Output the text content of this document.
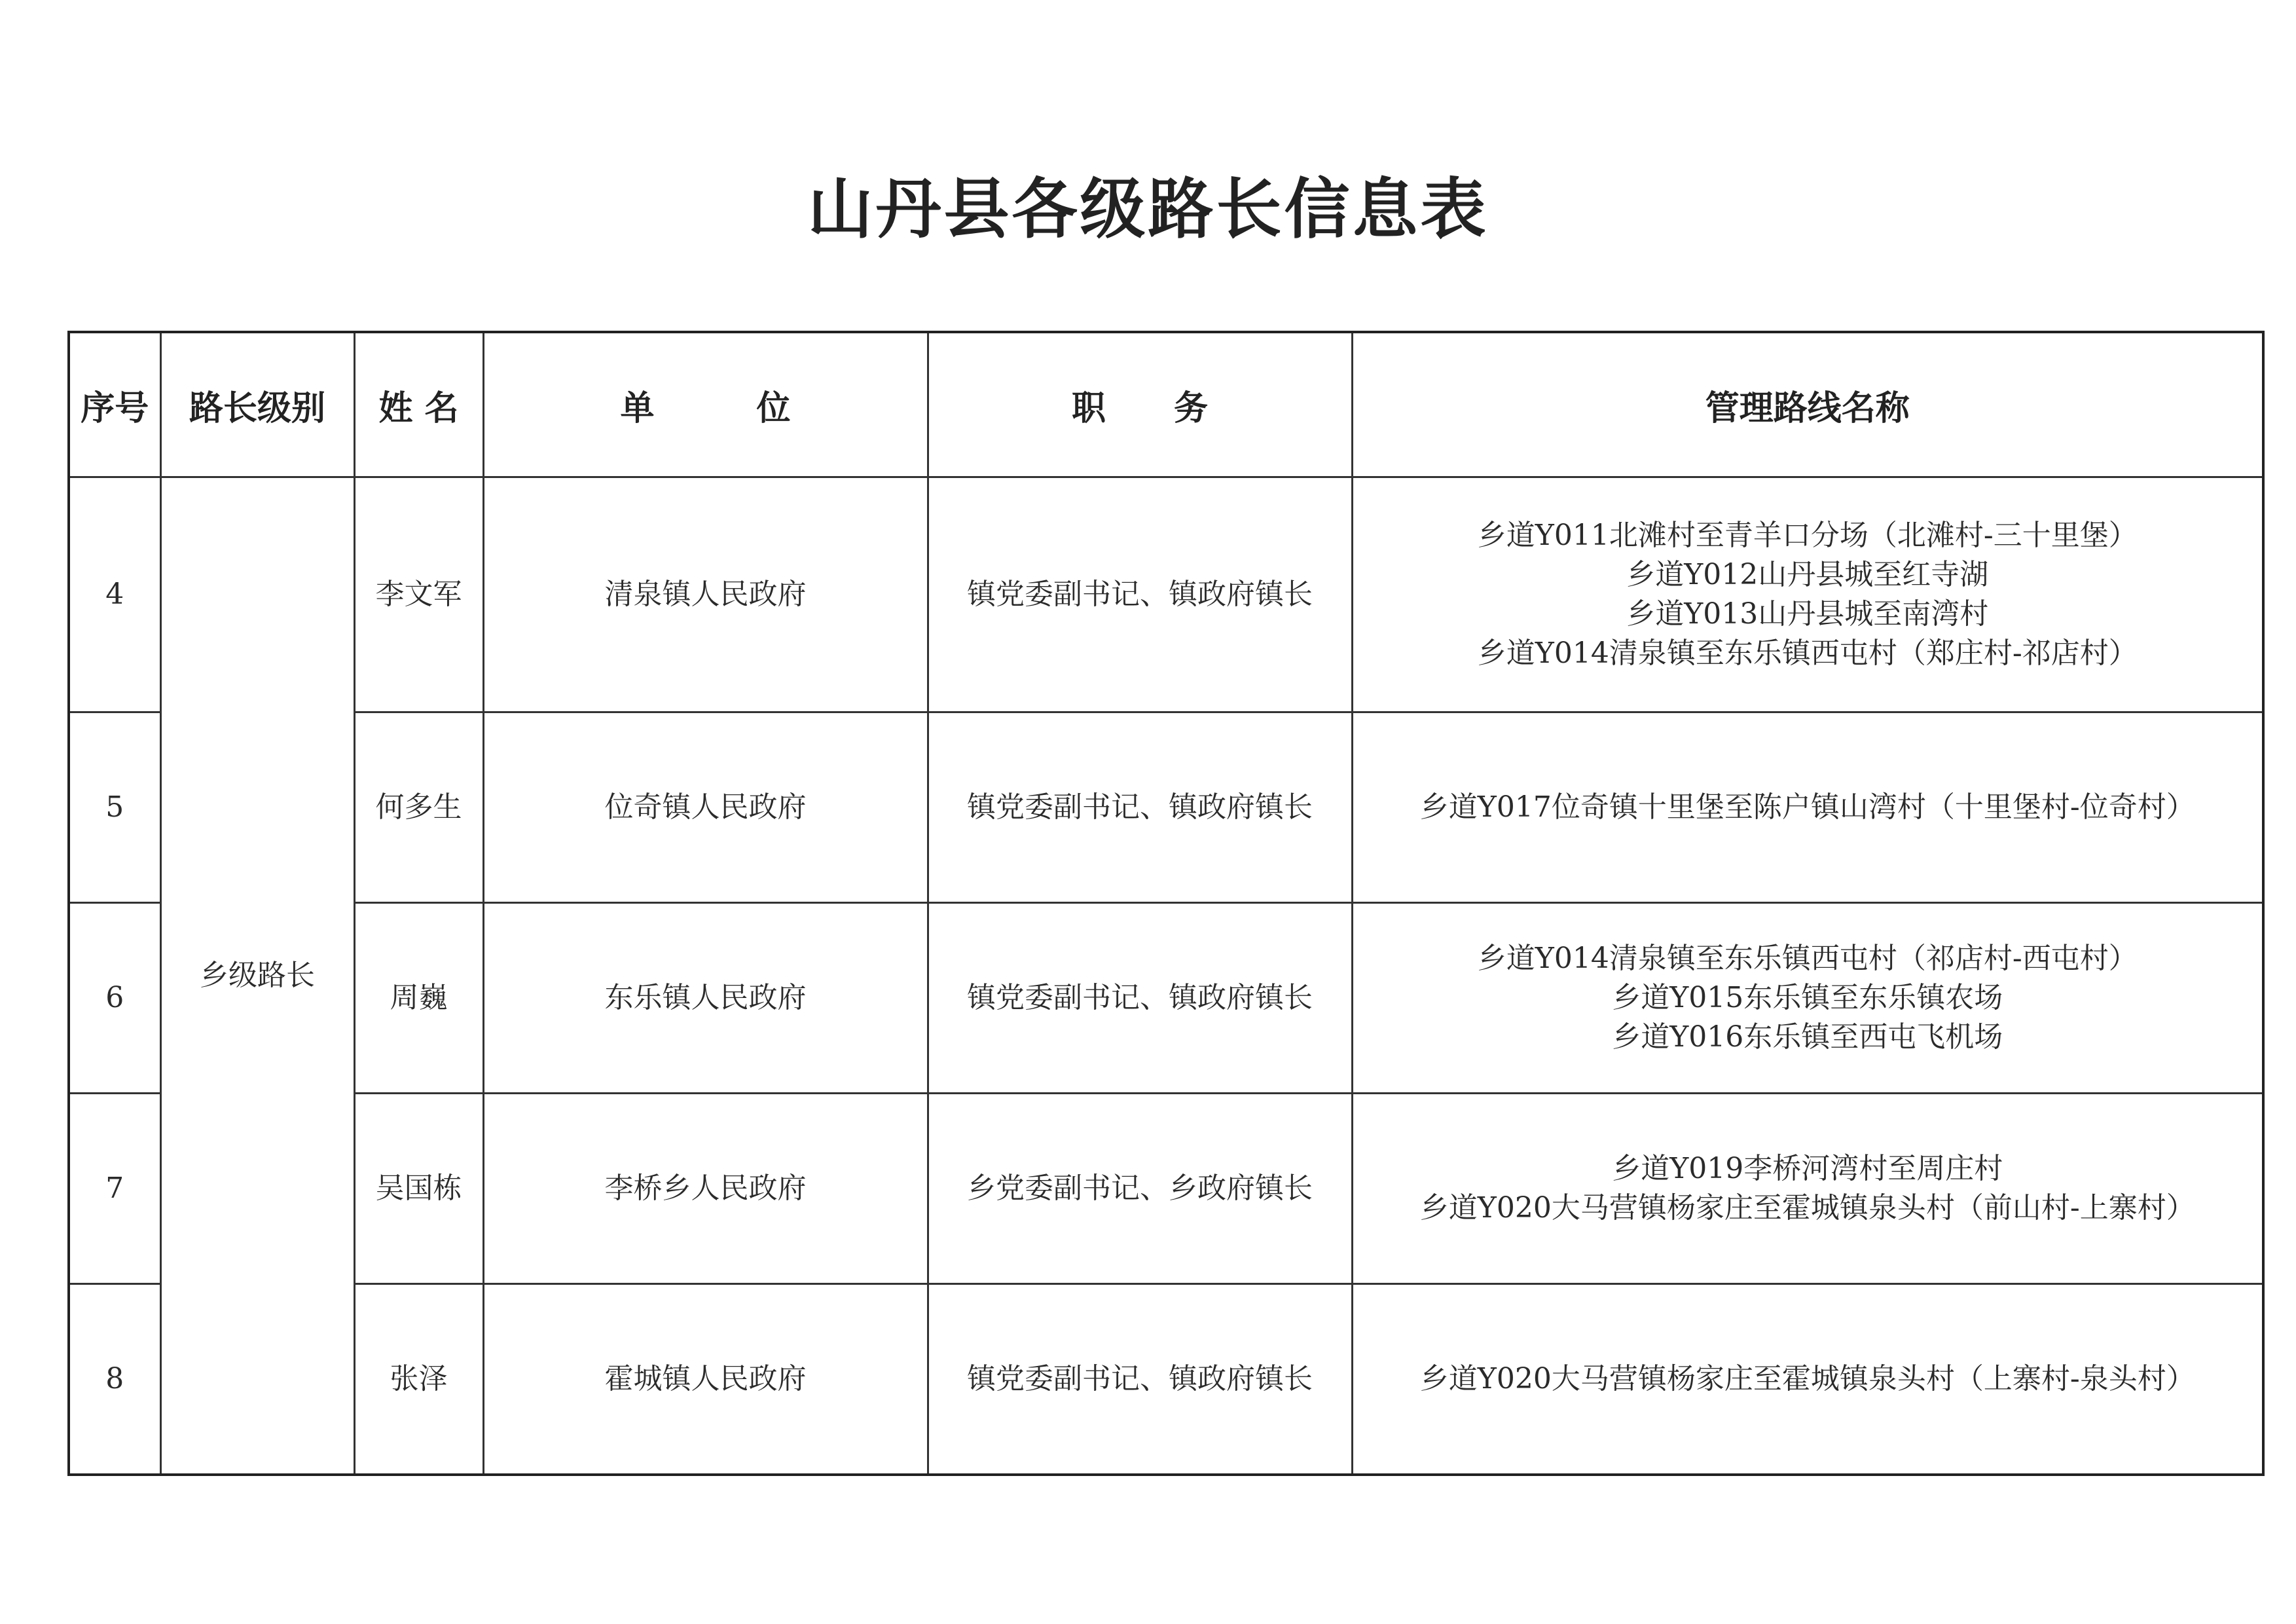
山丹县各级路长信息表
序号	路长级别	姓 名	单　　　位	职　　务	管理路线名称
4	乡级路长	李文军	清泉镇人民政府	镇党委副书记、镇政府镇长	乡道Y011北滩村至青羊口分场（北滩村-三十里堡）
乡道Y012山丹县城至红寺湖
乡道Y013山丹县城至南湾村
乡道Y014清泉镇至东乐镇西屯村（郑庄村-祁店村）

5		何多生	位奇镇人民政府	镇党委副书记、镇政府镇长	乡道Y017位奇镇十里堡至陈户镇山湾村（十里堡村-位奇村）

6		周巍	东乐镇人民政府	镇党委副书记、镇政府镇长	乡道Y014清泉镇至东乐镇西屯村（祁店村-西屯村）
乡道Y015东乐镇至东乐镇农场
乡道Y016东乐镇至西屯飞机场

7		吴国栋	李桥乡人民政府	乡党委副书记、乡政府镇长	乡道Y019李桥河湾村至周庄村
乡道Y020大马营镇杨家庄至霍城镇泉头村（前山村-上寨村）

8		张泽	霍城镇人民政府	镇党委副书记、镇政府镇长	乡道Y020大马营镇杨家庄至霍城镇泉头村（上寨村-泉头村）
